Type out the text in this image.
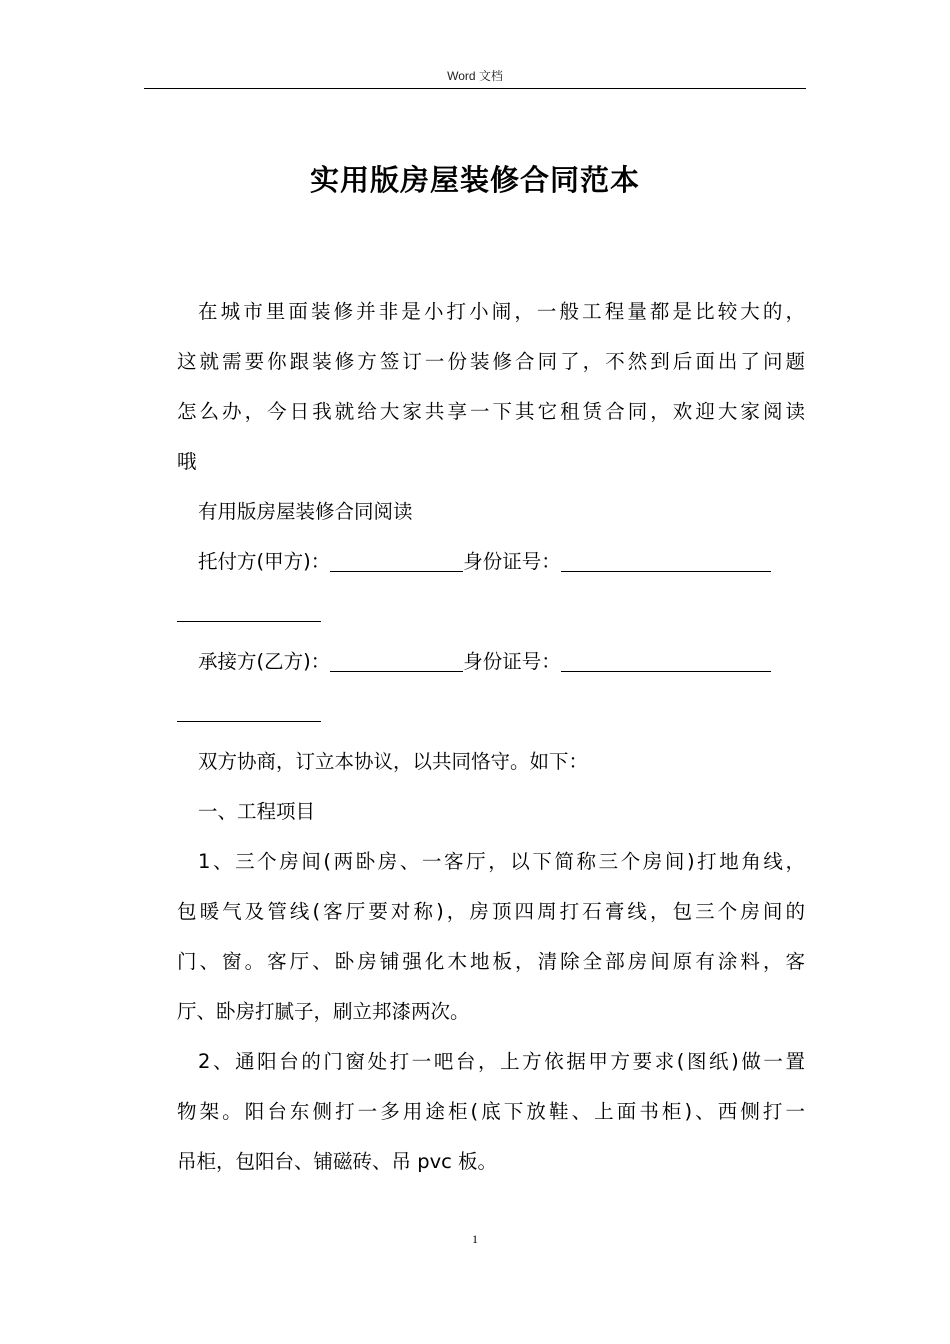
Word 文档
实用版房屋装修合同范本
在城市里面装修并非是小打小闹，一般工程量都是比较大的，
这就需要你跟装修方签订一份装修合同了，不然到后面出了问题
怎么办，今日我就给大家共享一下其它租赁合同，欢迎大家阅读
哦
有用版房屋装修合同阅读
托付方(甲方)：	身份证号：
承接方(乙方)：	身份证号：
双方协商，订立本协议，以共同恪守。如下：
一、工程项目
1、三个房间(两卧房、一客厅，以下简称三个房间)打地角线，
包暖气及管线(客厅要对称)，房顶四周打石膏线，包三个房间的
门、窗。客厅、卧房铺强化木地板，清除全部房间原有涂料，客
厅、卧房打腻子，刷立邦漆两次。
2、通阳台的门窗处打一吧台，上方依据甲方要求(图纸)做一置
物架。阳台东侧打一多用途柜(底下放鞋、上面书柜)、西侧打一
吊柜，包阳台、铺磁砖、吊 pvc 板。
1
